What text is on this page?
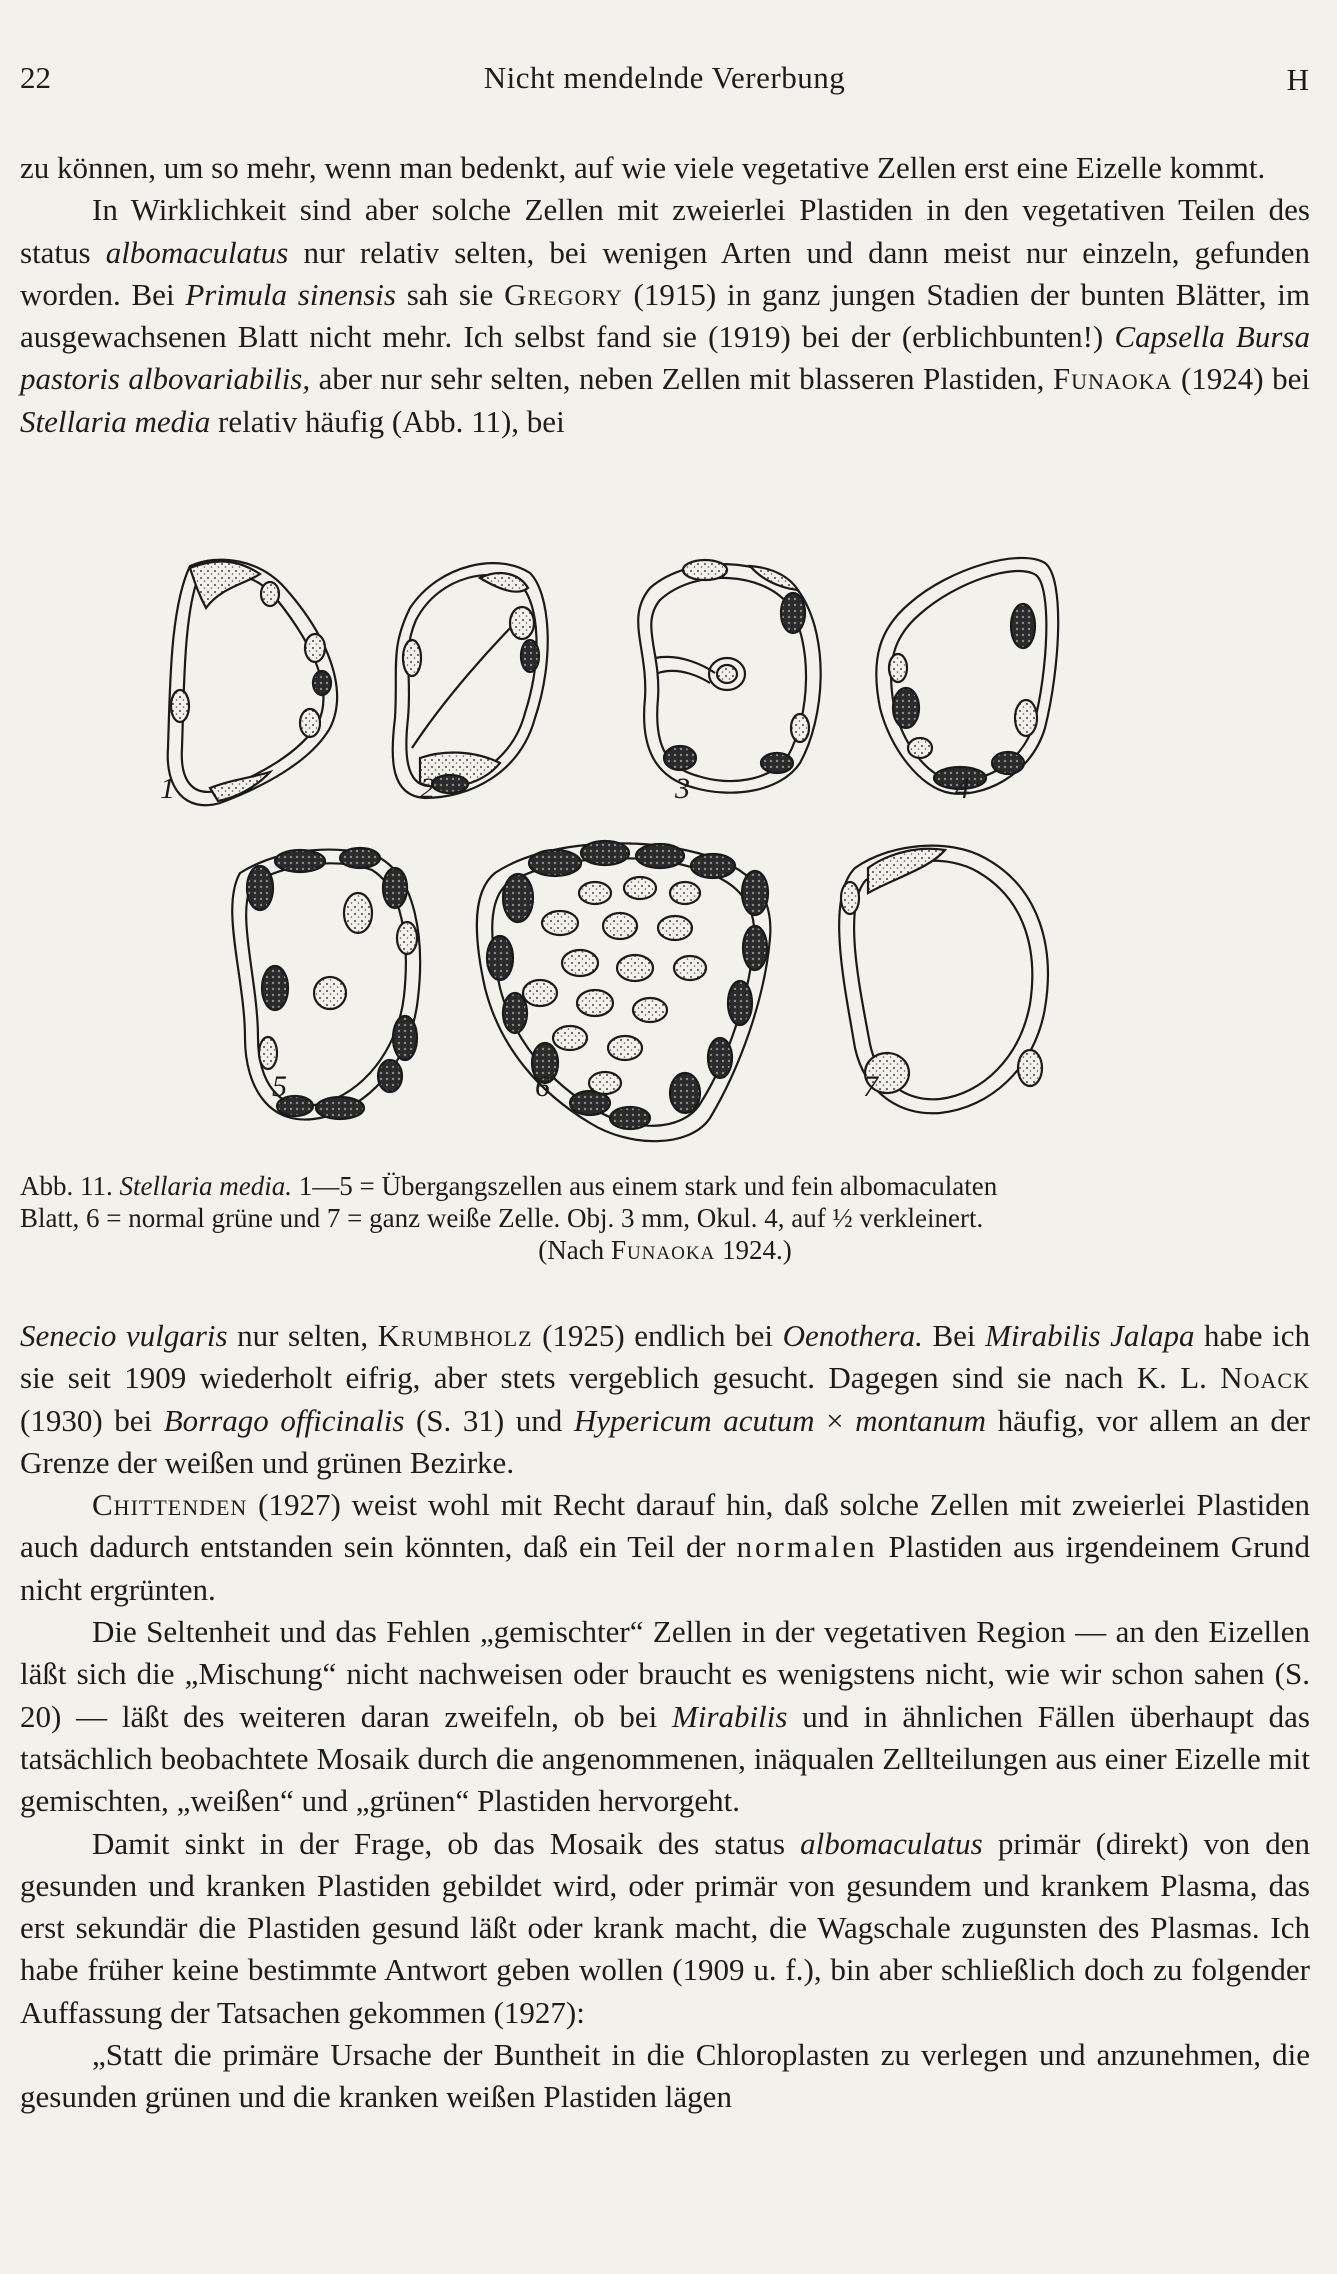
22	Nicht mendelnde Vererbung	H

zu können, um so mehr, wenn man bedenkt, auf wie viele vegetative Zellen erst eine Eizelle kommt.

In Wirklichkeit sind aber solche Zellen mit zweierlei Plastiden in den vegetativen Teilen des status albomaculatus nur relativ selten, bei wenigen Arten und dann meist nur einzeln, gefunden worden. Bei Primula sinensis sah sie Gregory (1915) in ganz jungen Stadien der bunten Blätter, im ausgewachsenen Blatt nicht mehr. Ich selbst fand sie (1919) bei der (erblichbunten!) Capsella Bursa pastoris albovariabilis, aber nur sehr selten, neben Zellen mit blasseren Plastiden, Funaoka (1924) bei Stellaria media relativ häufig (Abb. 11), bei

1	2	3	4
5	6	7
Abb. 11. Stellaria media. 1—5 = Übergangszellen aus einem stark und fein albomaculaten
Blatt, 6 = normal grüne und 7 = ganz weiße Zelle. Obj. 3 mm, Okul. 4, auf ½ verkleinert.
(Nach Funaoka 1924.)

Senecio vulgaris nur selten, Krumbholz (1925) endlich bei Oenothera. Bei Mirabilis Jalapa habe ich sie seit 1909 wiederholt eifrig, aber stets vergeblich gesucht. Dagegen sind sie nach K. L. Noack (1930) bei Borrago officinalis (S. 31) und Hypericum acutum × montanum häufig, vor allem an der Grenze der weißen und grünen Bezirke.

Chittenden (1927) weist wohl mit Recht darauf hin, daß solche Zellen mit zweierlei Plastiden auch dadurch entstanden sein könnten, daß ein Teil der normalen Plastiden aus irgendeinem Grund nicht ergrünten.

Die Seltenheit und das Fehlen „gemischter“ Zellen in der vegetativen Region — an den Eizellen läßt sich die „Mischung“ nicht nachweisen oder braucht es wenigstens nicht, wie wir schon sahen (S. 20) — läßt des weiteren daran zweifeln, ob bei Mirabilis und in ähnlichen Fällen überhaupt das tatsächlich beobachtete Mosaik durch die angenommenen, inäqualen Zellteilungen aus einer Eizelle mit gemischten, „weißen“ und „grünen“ Plastiden hervorgeht.

Damit sinkt in der Frage, ob das Mosaik des status albomaculatus primär (direkt) von den gesunden und kranken Plastiden gebildet wird, oder primär von gesundem und krankem Plasma, das erst sekundär die Plastiden gesund läßt oder krank macht, die Wagschale zugunsten des Plasmas. Ich habe früher keine bestimmte Antwort geben wollen (1909 u. f.), bin aber schließlich doch zu folgender Auffassung der Tatsachen gekommen (1927):

„Statt die primäre Ursache der Buntheit in die Chloroplasten zu verlegen und anzunehmen, die gesunden grünen und die kranken weißen Plastiden lägen
